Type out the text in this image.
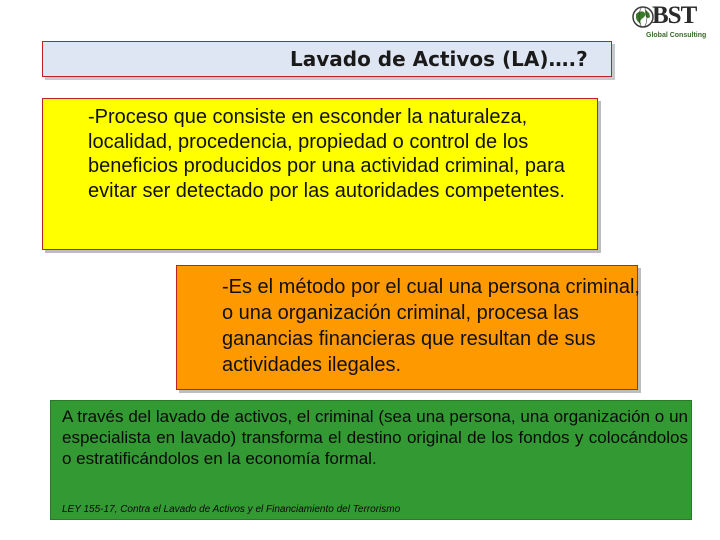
BST
Global Consulting
Lavado de Activos (LA)….?

-Proceso que consiste en esconder la naturaleza, localidad, procedencia, propiedad o control de los beneficios producidos por una actividad criminal, para evitar ser detectado por las autoridades competentes.

-Es el método por el cual una persona criminal, o una organización criminal, procesa las ganancias financieras que resultan de sus actividades ilegales.

A través del lavado de activos, el criminal (sea una persona, una organización o un especialista en lavado) transforma el destino original de los fondos y colocándolos o estratificándolos en la economía formal.

LEY 155-17, Contra el Lavado de Activos y el Financiamiento del Terrorismo
